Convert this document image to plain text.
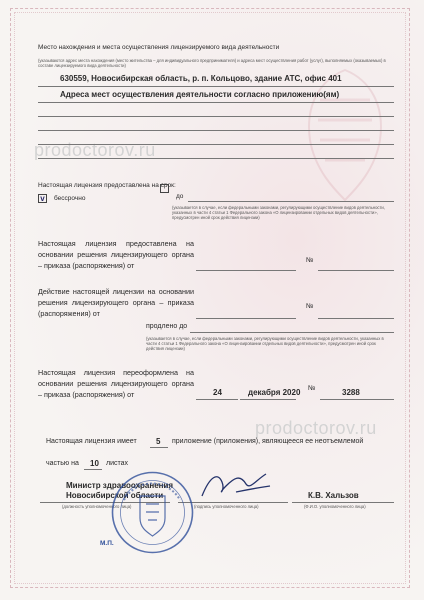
prodoctorov.ru
prodoctorov.ru
Место нахождения и места осуществления лицензируемого вида деятельности
(указываются адрес места нахождения (место жительства – для индивидуального предпринимателя) и адреса мест осуществления работ (услуг), выполняемых (оказываемых) в составе лицензируемого вида деятельности)
630559, Новосибирская область, р. п. Кольцово, здание АТС, офис 401
Адреса мест осуществления деятельности согласно приложению(ям)
Настоящая лицензия предоставлена на срок:
v	бессрочно	до
(указывается в случае, если федеральными законами, регулирующими осуществление видов деятельности, указанных в части 4 статьи 1 Федерального закона «О лицензировании отдельных видов деятельности», предусмотрен иной срок действия лицензии)
Настоящая лицензия предоставлена на основании решения лицензирующего органа – приказа (распоряжения) от
№
Действие настоящей лицензии на основании решения лицензирующего органа – приказа (распоряжения) от
№
продлено до
(указывается в случае, если федеральными законами, регулирующими осуществление видов деятельности, указанных в части 4 статьи 1 Федерального закона «О лицензировании отдельных видов деятельности», предусмотрен иной срок действия лицензии)
Настоящая лицензия переоформлена на основании решения лицензирующего органа – приказа (распоряжения) от	24	декабря 2020 №	3288
Настоящая лицензия имеет 5 приложение (приложения), являющееся ее неотъемлемой
частью на 10 листах
Министр здравоохранения
Новосибирской области
(должность уполномоченного лица)	(подпись уполномоченного лица)
К.В. Хальзов
(Ф.И.О. уполномоченного лица)
М.П.
